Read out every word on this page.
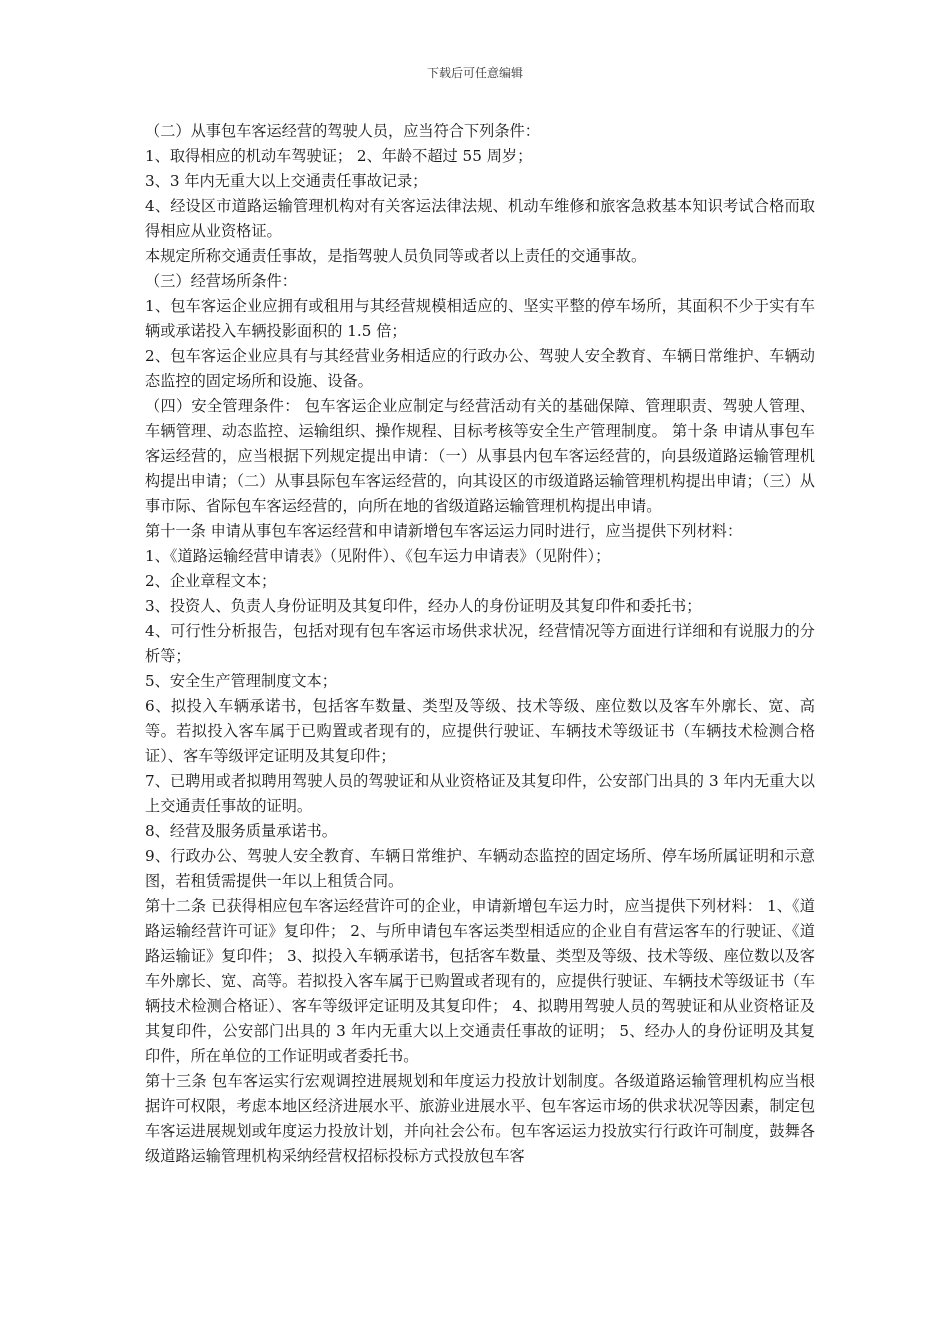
下载后可任意编辑

（二）从事包车客运经营的驾驶人员，应当符合下列条件：

1、取得相应的机动车驾驶证； 2、年龄不超过 55 周岁；

3、3 年内无重大以上交通责任事故记录；

4、经设区市道路运输管理机构对有关客运法律法规、机动车维修和旅客急救基本知识考试合格而取得相应从业资格证。

本规定所称交通责任事故，是指驾驶人员负同等或者以上责任的交通事故。

（三）经营场所条件：

1、包车客运企业应拥有或租用与其经营规模相适应的、坚实平整的停车场所，其面积不少于实有车辆或承诺投入车辆投影面积的 1.5 倍；

2、包车客运企业应具有与其经营业务相适应的行政办公、驾驶人安全教育、车辆日常维护、车辆动态监控的固定场所和设施、设备。

（四）安全管理条件： 包车客运企业应制定与经营活动有关的基础保障、管理职责、驾驶人管理、车辆管理、动态监控、运输组织、操作规程、目标考核等安全生产管理制度。 第十条 申请从事包车客运经营的，应当根据下列规定提出申请：（一）从事县内包车客运经营的，向县级道路运输管理机构提出申请；（二）从事县际包车客运经营的，向其设区的市级道路运输管理机构提出申请；（三）从事市际、省际包车客运经营的，向所在地的省级道路运输管理机构提出申请。

第十一条 申请从事包车客运经营和申请新增包车客运运力同时进行，应当提供下列材料：

1、《道路运输经营申请表》（见附件）、《包车运力申请表》（见附件）；

2、企业章程文本；

3、投资人、负责人身份证明及其复印件，经办人的身份证明及其复印件和委托书；

4、可行性分析报告，包括对现有包车客运市场供求状况，经营情况等方面进行详细和有说服力的分析等；

5、安全生产管理制度文本；

6、拟投入车辆承诺书，包括客车数量、类型及等级、技术等级、座位数以及客车外廓长、宽、高等。若拟投入客车属于已购置或者现有的，应提供行驶证、车辆技术等级证书（车辆技术检测合格证）、客车等级评定证明及其复印件；

7、已聘用或者拟聘用驾驶人员的驾驶证和从业资格证及其复印件，公安部门出具的 3 年内无重大以上交通责任事故的证明。

8、经营及服务质量承诺书。

9、行政办公、驾驶人安全教育、车辆日常维护、车辆动态监控的固定场所、停车场所属证明和示意图，若租赁需提供一年以上租赁合同。

第十二条 已获得相应包车客运经营许可的企业，申请新增包车运力时，应当提供下列材料： 1、《道路运输经营许可证》复印件； 2、与所申请包车客运类型相适应的企业自有营运客车的行驶证、《道路运输证》复印件； 3、拟投入车辆承诺书，包括客车数量、类型及等级、技术等级、座位数以及客车外廓长、宽、高等。若拟投入客车属于已购置或者现有的，应提供行驶证、车辆技术等级证书（车辆技术检测合格证）、客车等级评定证明及其复印件； 4、拟聘用驾驶人员的驾驶证和从业资格证及其复印件，公安部门出具的 3 年内无重大以上交通责任事故的证明； 5、经办人的身份证明及其复印件，所在单位的工作证明或者委托书。

第十三条 包车客运实行宏观调控进展规划和年度运力投放计划制度。各级道路运输管理机构应当根据许可权限，考虑本地区经济进展水平、旅游业进展水平、包车客运市场的供求状况等因素，制定包车客运进展规划或年度运力投放计划，并向社会公布。包车客运运力投放实行行政许可制度，鼓舞各级道路运输管理机构采纳经营权招标投标方式投放包车客
